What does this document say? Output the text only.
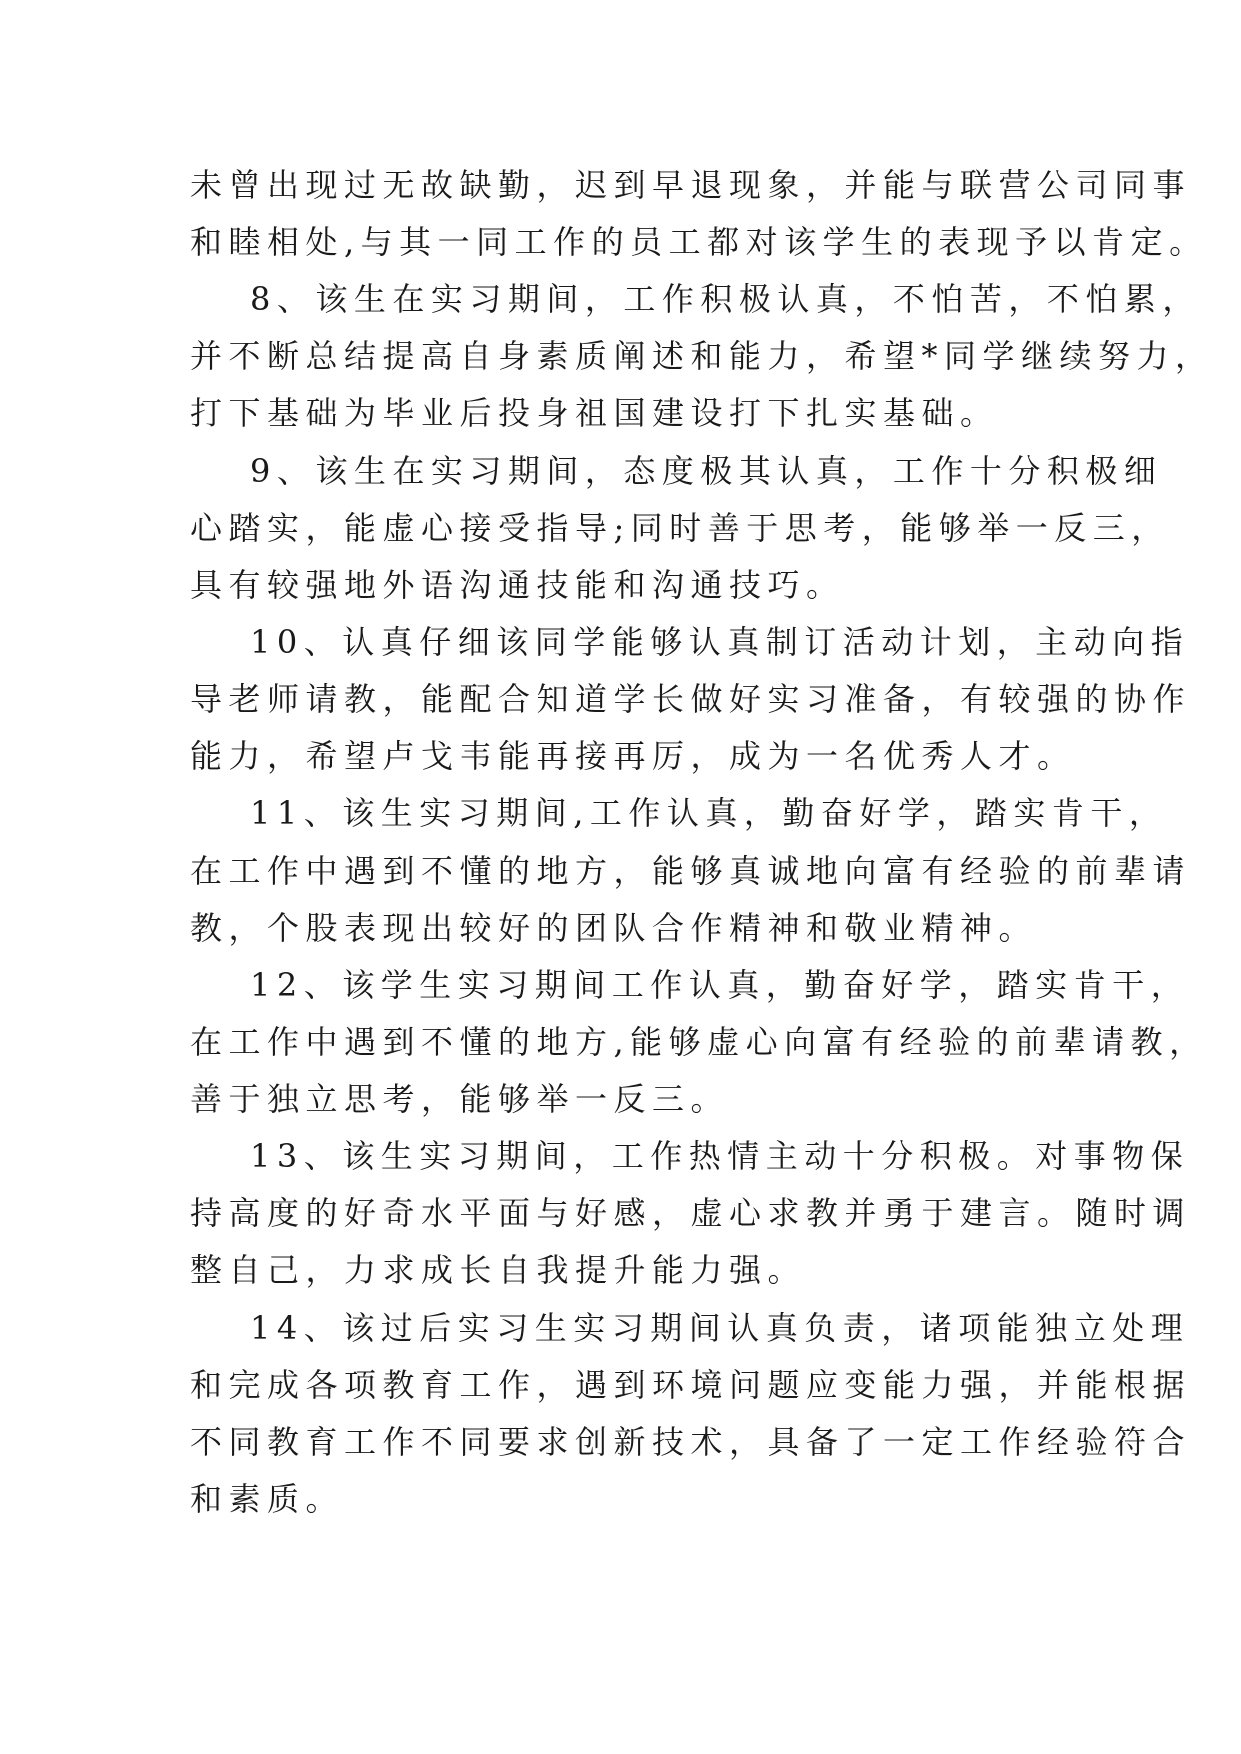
未曾出现过无故缺勤，迟到早退现象，并能与联营公司同事
和睦相处,与其一同工作的员工都对该学生的表现予以肯定。
8、该生在实习期间，工作积极认真，不怕苦，不怕累，
并不断总结提高自身素质阐述和能力，希望*同学继续努力，
打下基础为毕业后投身祖国建设打下扎实基础。
9、该生在实习期间，态度极其认真，工作十分积极细
心踏实，能虚心接受指导;同时善于思考，能够举一反三，
具有较强地外语沟通技能和沟通技巧。
10、认真仔细该同学能够认真制订活动计划，主动向指
导老师请教，能配合知道学长做好实习准备，有较强的协作
能力，希望卢戈韦能再接再厉，成为一名优秀人才。
11、该生实习期间,工作认真，勤奋好学，踏实肯干，
在工作中遇到不懂的地方，能够真诚地向富有经验的前辈请
教，个股表现出较好的团队合作精神和敬业精神。
12、该学生实习期间工作认真，勤奋好学，踏实肯干，
在工作中遇到不懂的地方,能够虚心向富有经验的前辈请教，
善于独立思考，能够举一反三。
13、该生实习期间，工作热情主动十分积极。对事物保
持高度的好奇水平面与好感，虚心求教并勇于建言。随时调
整自己，力求成长自我提升能力强。
14、该过后实习生实习期间认真负责，诸项能独立处理
和完成各项教育工作，遇到环境问题应变能力强，并能根据
不同教育工作不同要求创新技术，具备了一定工作经验符合
和素质。
